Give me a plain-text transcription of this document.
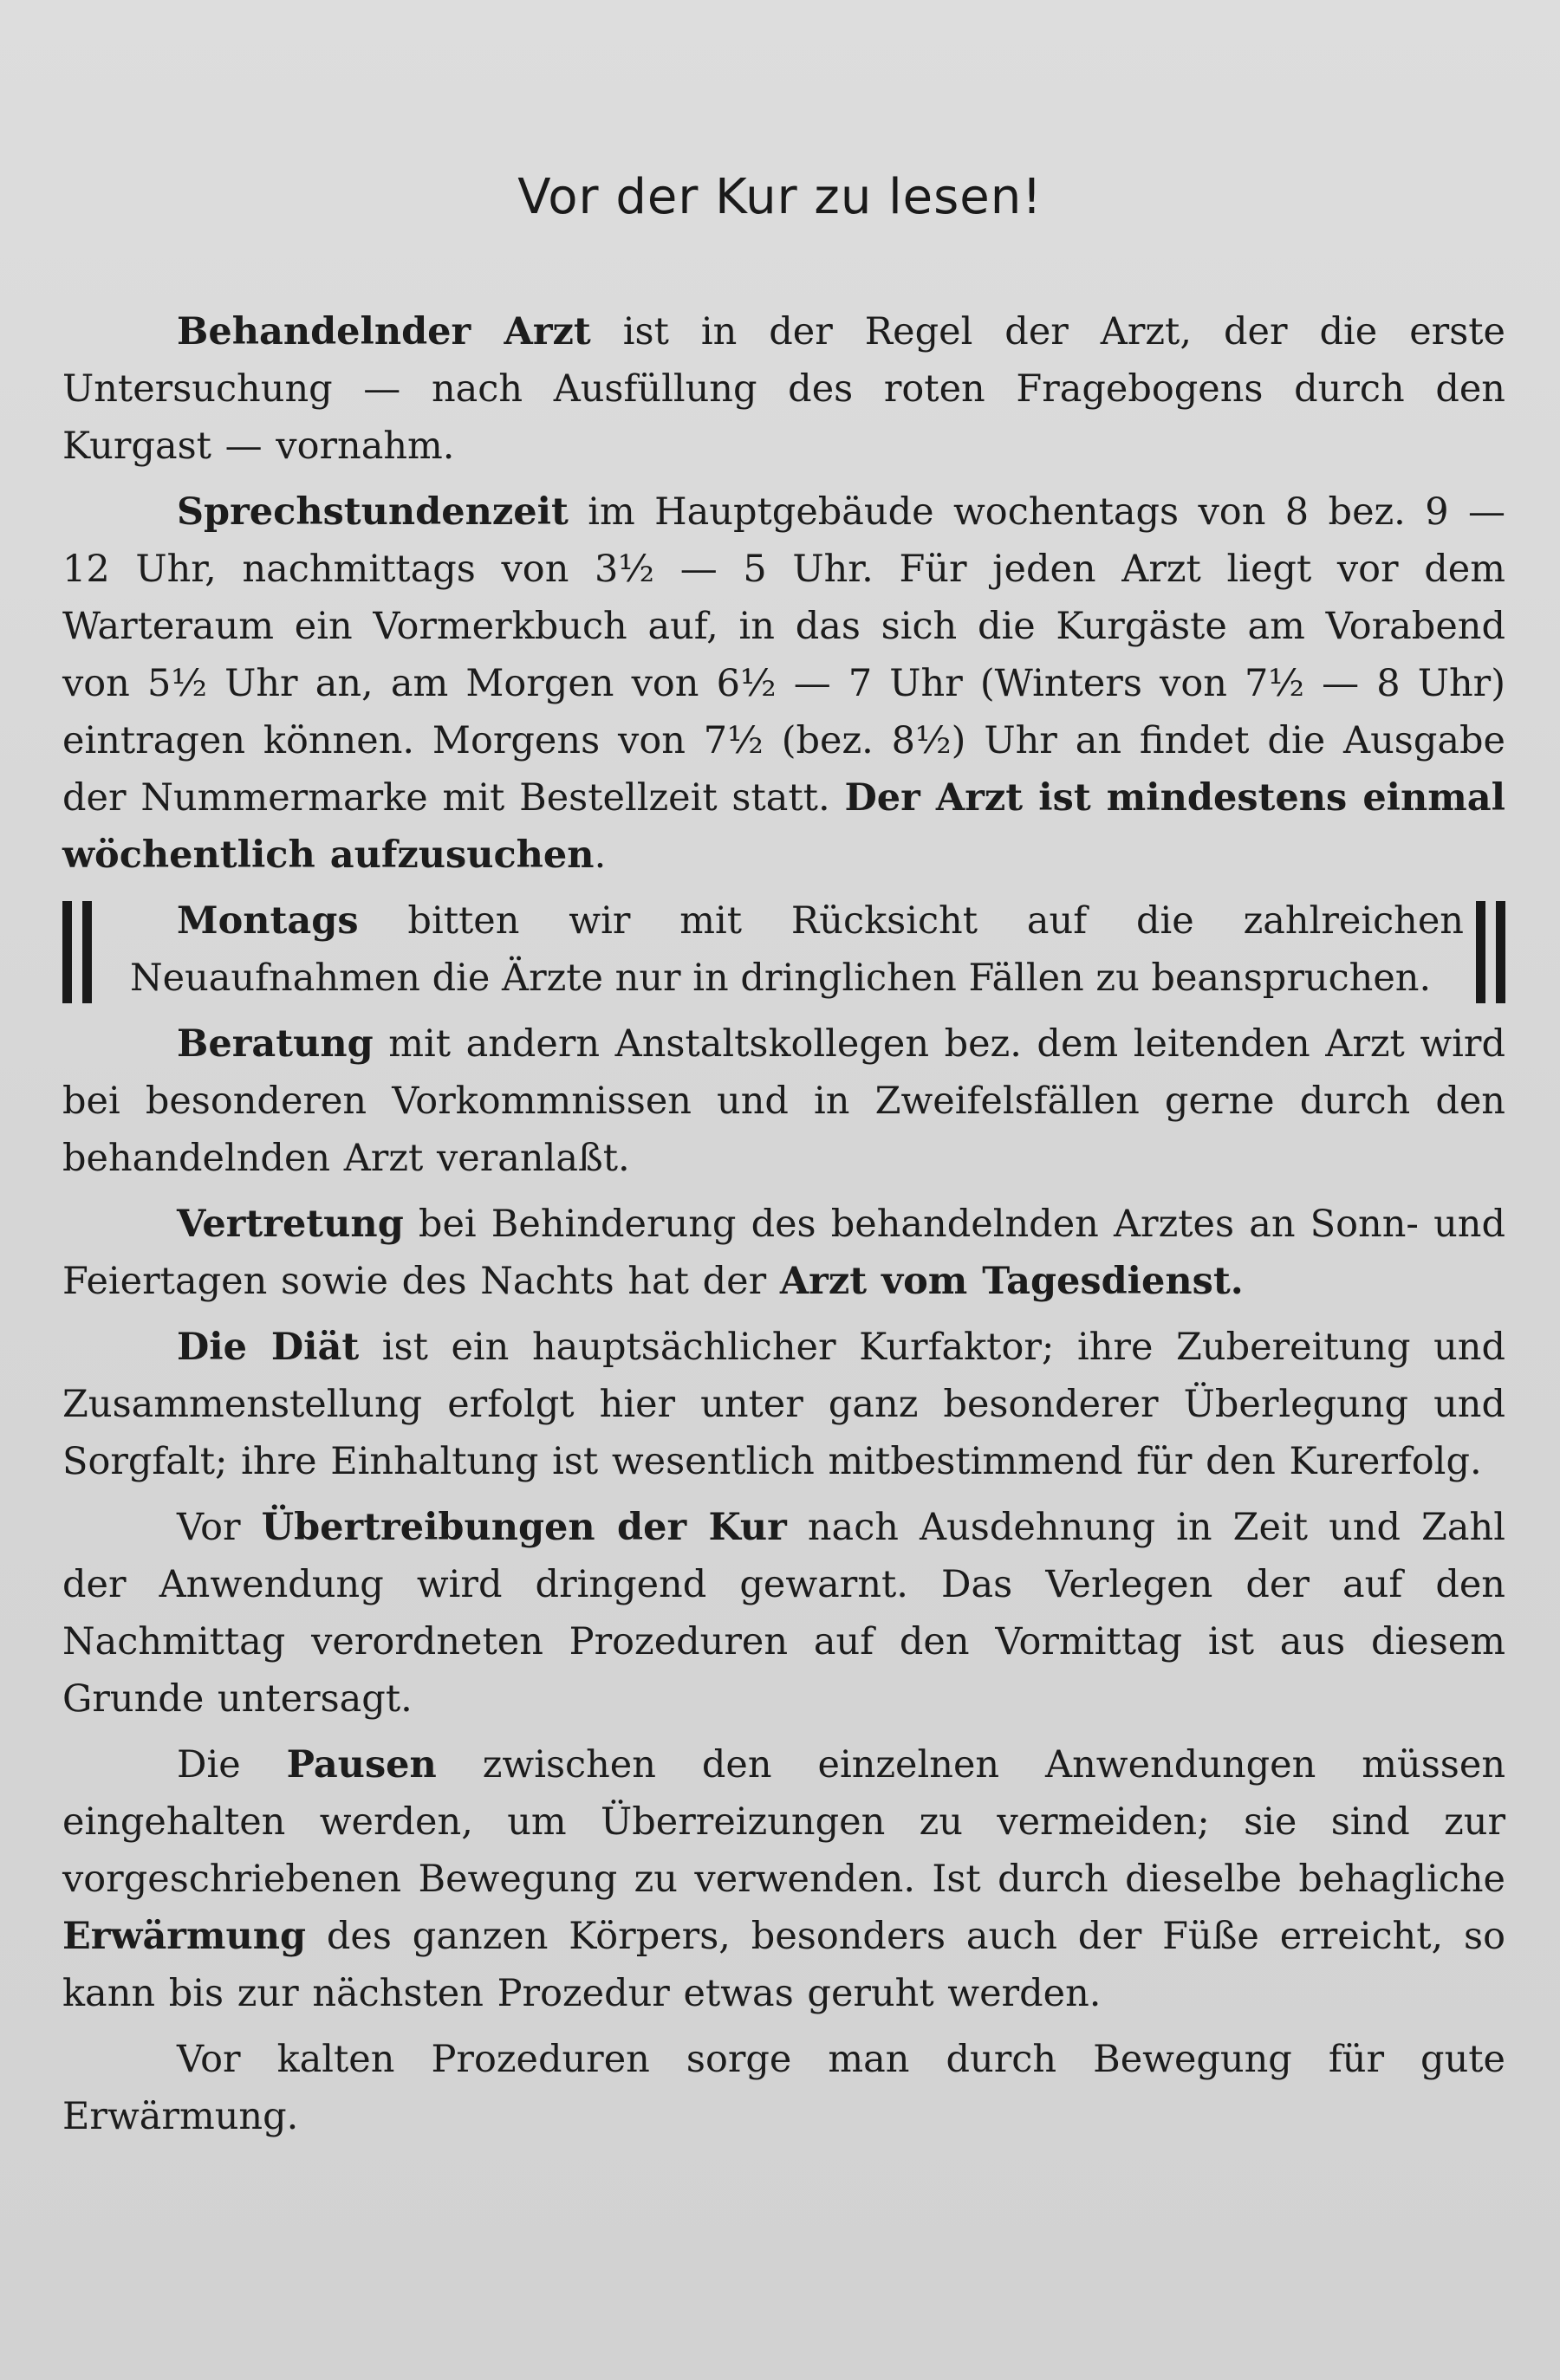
Vor der Kur zu lesen!

Behandelnder Arzt ist in der Regel der Arzt, der die erste Untersuchung — nach Ausfüllung des roten Fragebogens durch den Kurgast — vornahm.

Sprechstundenzeit im Hauptgebäude wochentags von 8 bez. 9 — 12 Uhr, nachmittags von 3½ — 5 Uhr. Für jeden Arzt liegt vor dem Warteraum ein Vormerkbuch auf, in das sich die Kurgäste am Vorabend von 5½ Uhr an, am Morgen von 6½ — 7 Uhr (Winters von 7½ — 8 Uhr) eintragen können. Morgens von 7½ (bez. 8½) Uhr an findet die Ausgabe der Nummermarke mit Bestellzeit statt. Der Arzt ist mindestens einmal wöchentlich aufzusuchen.

Montags bitten wir mit Rücksicht auf die zahlreichen Neuaufnahmen die Ärzte nur in dringlichen Fällen zu beanspruchen.

Beratung mit andern Anstaltskollegen bez. dem leitenden Arzt wird bei besonderen Vorkommnissen und in Zweifelsfällen gerne durch den behandelnden Arzt veranlaßt.

Vertretung bei Behinderung des behandelnden Arztes an Sonn- und Feiertagen sowie des Nachts hat der Arzt vom Tagesdienst.

Die Diät ist ein hauptsächlicher Kurfaktor; ihre Zubereitung und Zusammenstellung erfolgt hier unter ganz besonderer Überlegung und Sorgfalt; ihre Einhaltung ist wesentlich mitbestimmend für den Kurerfolg.

Vor Übertreibungen der Kur nach Ausdehnung in Zeit und Zahl der Anwendung wird dringend gewarnt. Das Verlegen der auf den Nachmittag verordneten Prozeduren auf den Vormittag ist aus diesem Grunde untersagt.

Die Pausen zwischen den einzelnen Anwendungen müssen eingehalten werden, um Überreizungen zu vermeiden; sie sind zur vorgeschriebenen Bewegung zu verwenden. Ist durch dieselbe behagliche Erwärmung des ganzen Körpers, besonders auch der Füße erreicht, so kann bis zur nächsten Prozedur etwas geruht werden.

Vor kalten Prozeduren sorge man durch Bewegung für gute Erwärmung.
